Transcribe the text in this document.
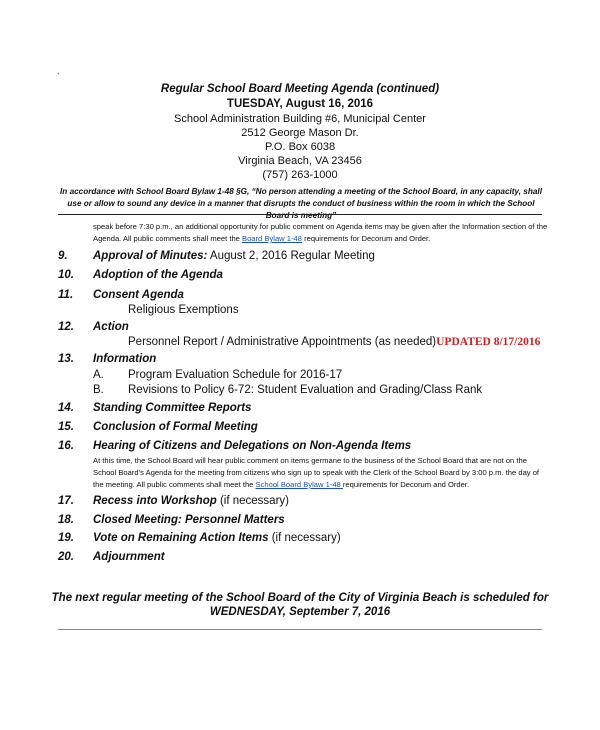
`
Regular School Board Meeting Agenda (continued)
TUESDAY, August 16, 2016
School Administration Building #6, Municipal Center
2512 George Mason Dr.
P.O. Box 6038
Virginia Beach, VA 23456
(757) 263-1000
In accordance with School Board Bylaw 1-48 §G, “No person attending a meeting of the School Board, in any capacity, shall use or allow to sound any device in a manner that disrupts the conduct of business within the room in which the School Board is meeting”
speak before 7:30 p.m., an additional opportunity for public comment on Agenda items may be given after the Information section of the Agenda. All public comments shall meet the Board Bylaw 1-48 requirements for Decorum and Order.
9.	Approval of Minutes: August 2, 2016 Regular Meeting
10.	Adoption of the Agenda
11.	Consent Agenda
Religious Exemptions
12.	Action
Personnel Report / Administrative Appointments (as needed)UPDATED 8/17/2016
13.	Information
A. Program Evaluation Schedule for 2016-17
B. Revisions to Policy 6-72: Student Evaluation and Grading/Class Rank
14.	Standing Committee Reports
15.	Conclusion of Formal Meeting
16.	Hearing of Citizens and Delegations on Non-Agenda Items
At this time, the School Board will hear public comment on items germane to the business of the School Board that are not on the School Board’s Agenda for the meeting from citizens who sign up to speak with the Clerk of the School Board by 3:00 p.m. the day of the meeting. All public comments shall meet the School Board Bylaw 1-48 requirements for Decorum and Order.
17.	Recess into Workshop (if necessary)
18.	Closed Meeting: Personnel Matters
19.	Vote on Remaining Action Items (if necessary)
20.	Adjournment
The next regular meeting of the School Board of the City of Virginia Beach is scheduled for
WEDNESDAY, September 7, 2016
